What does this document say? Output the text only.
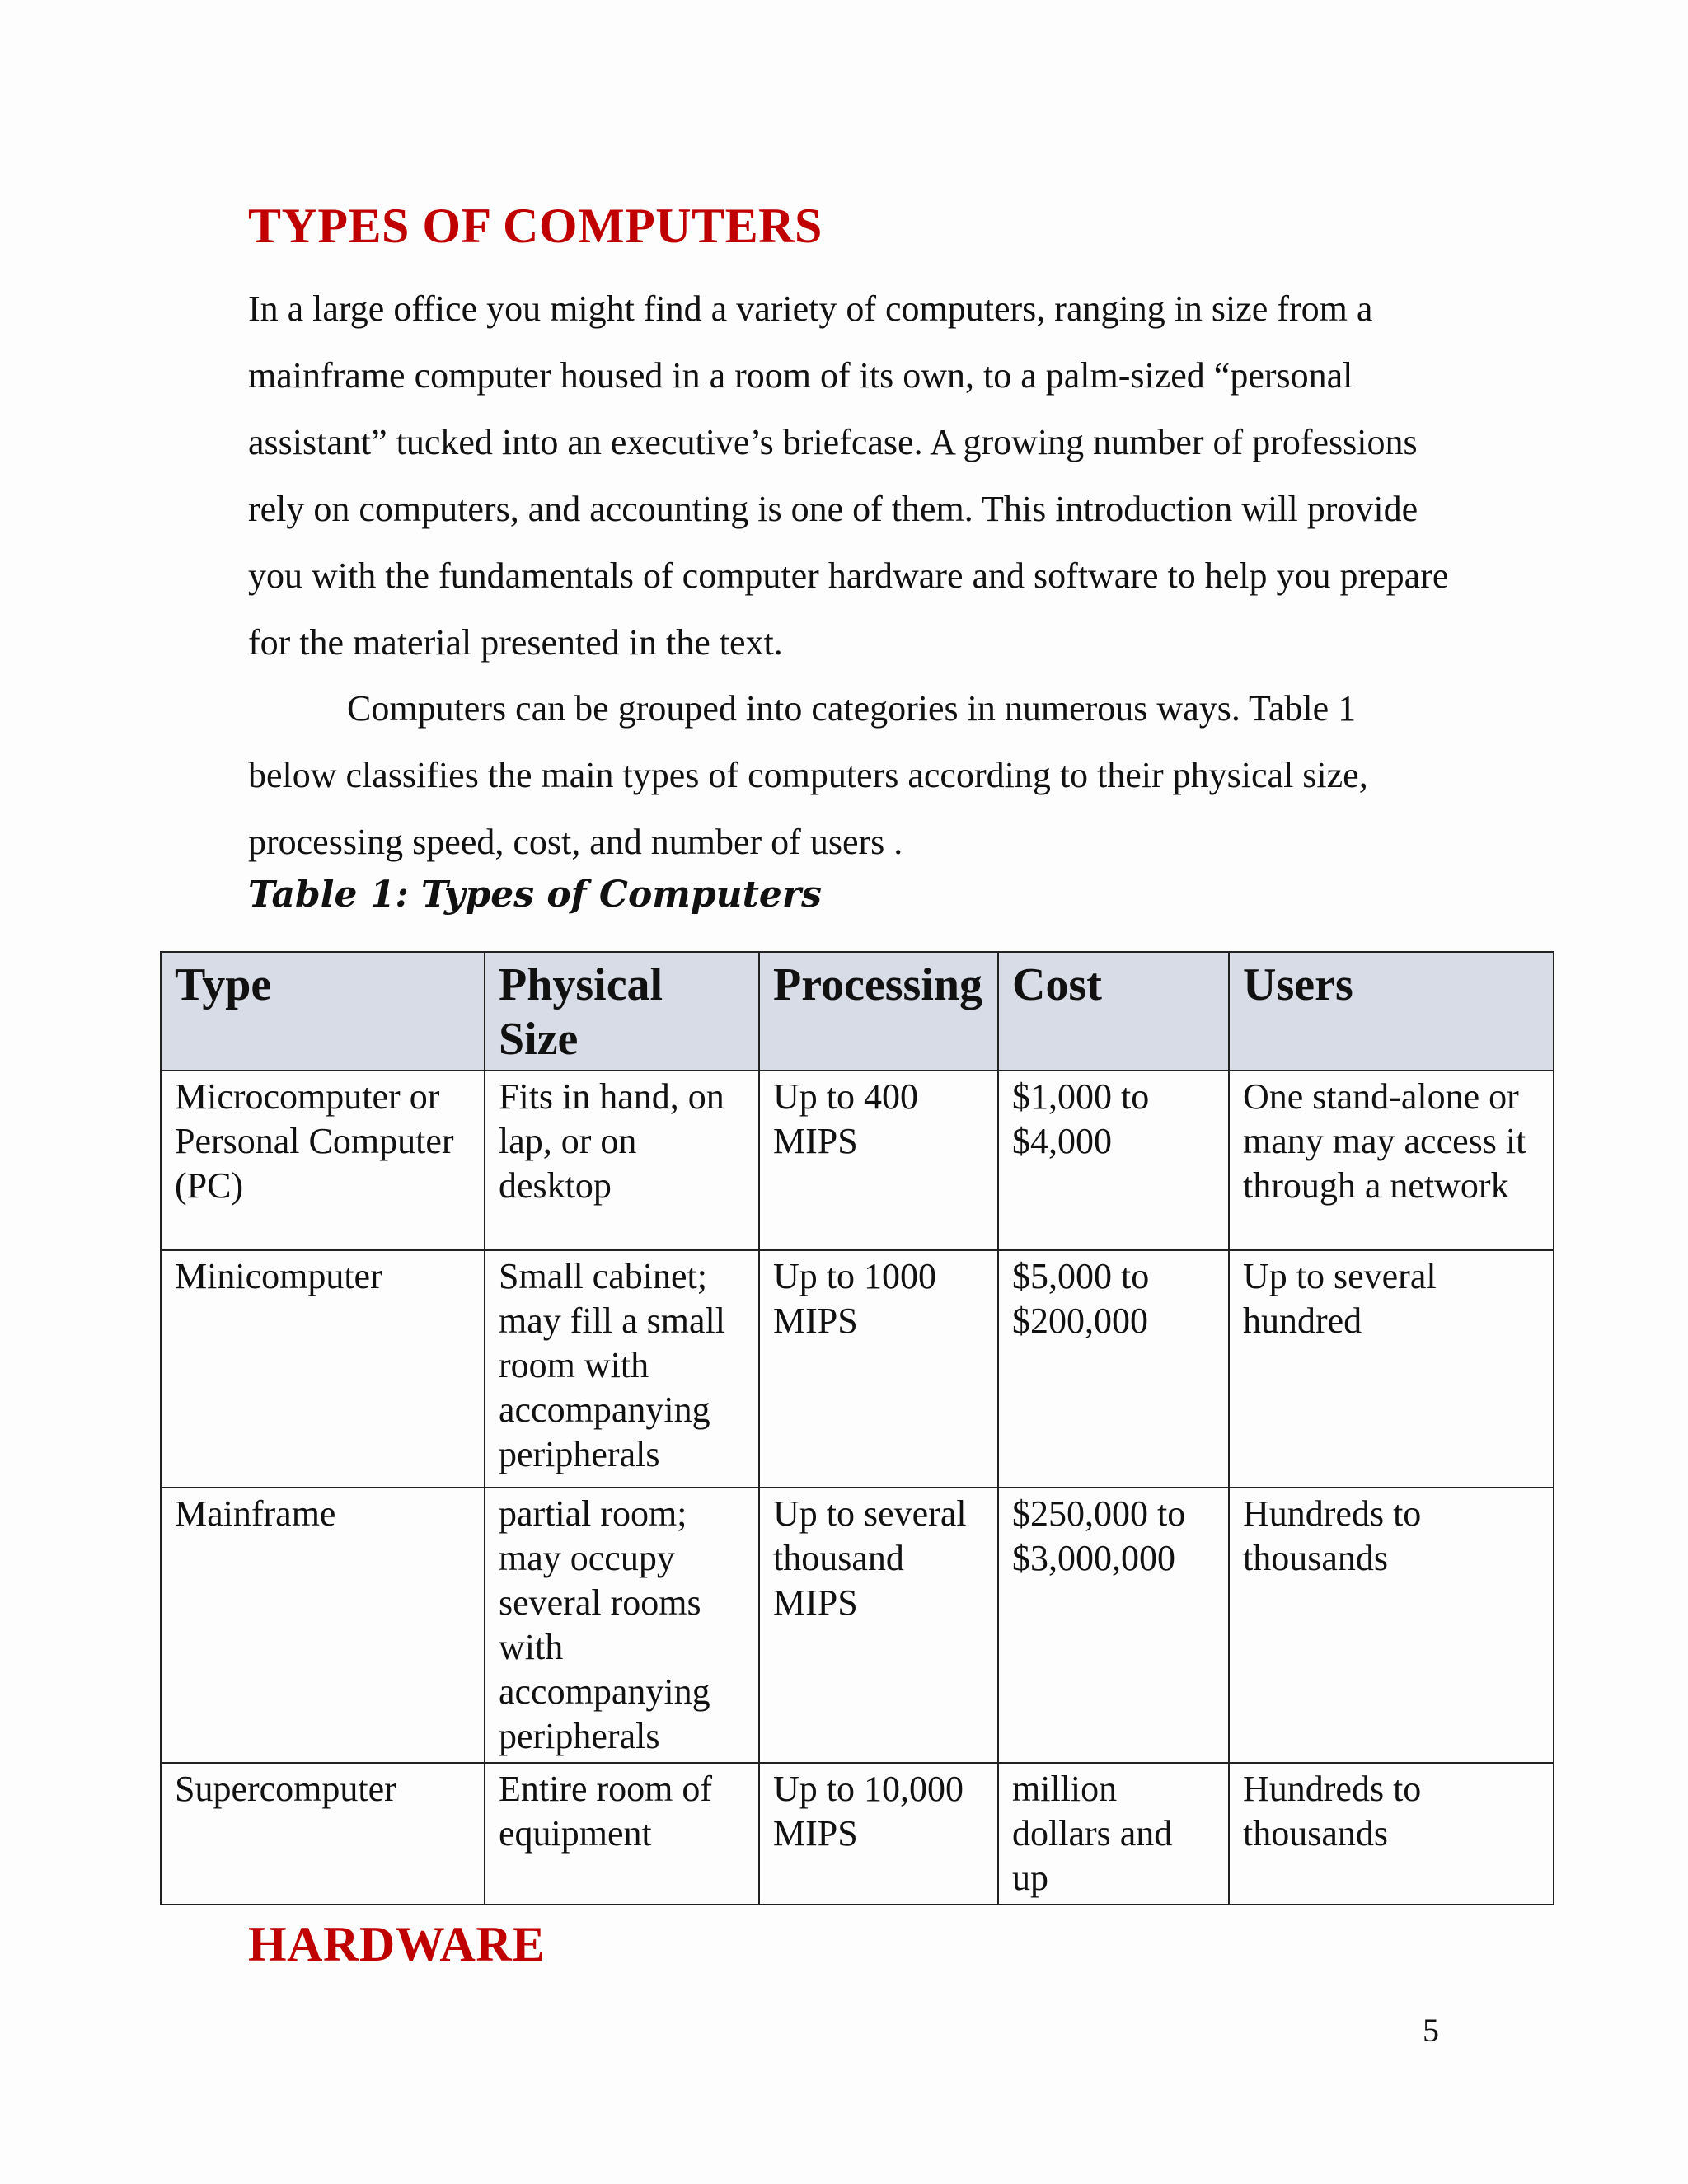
TYPES OF COMPUTERS

In a large office you might find a variety of computers, ranging in size from a mainframe computer housed in a room of its own, to a palm-sized “personal assistant” tucked into an executive’s briefcase. A growing number of professions rely on computers, and accounting is one of them. This introduction will provide you with the fundamentals of computer hardware and software to help you prepare for the material presented in the text.

Computers can be grouped into categories in numerous ways. Table 1 below classifies the main types of computers according to their physical size, processing speed, cost, and number of users .

Table 1: Types of Computers

Type	Physical Size	Processing	Cost	Users
Microcomputer or Personal Computer (PC)	Fits in hand, on lap, or on desktop	Up to 400 MIPS	$1,000 to $4,000	One stand-alone or many may access it through a network
Minicomputer	Small cabinet; may fill a small room with accompanying peripherals	Up to 1000 MIPS	$5,000 to $200,000	Up to several hundred
Mainframe	partial room; may occupy several rooms with accompanying peripherals	Up to several thousand MIPS	$250,000 to $3,000,000	Hundreds to thousands
Supercomputer	Entire room of equipment	Up to 10,000 MIPS	million dollars and up	Hundreds to thousands
HARDWARE

5
